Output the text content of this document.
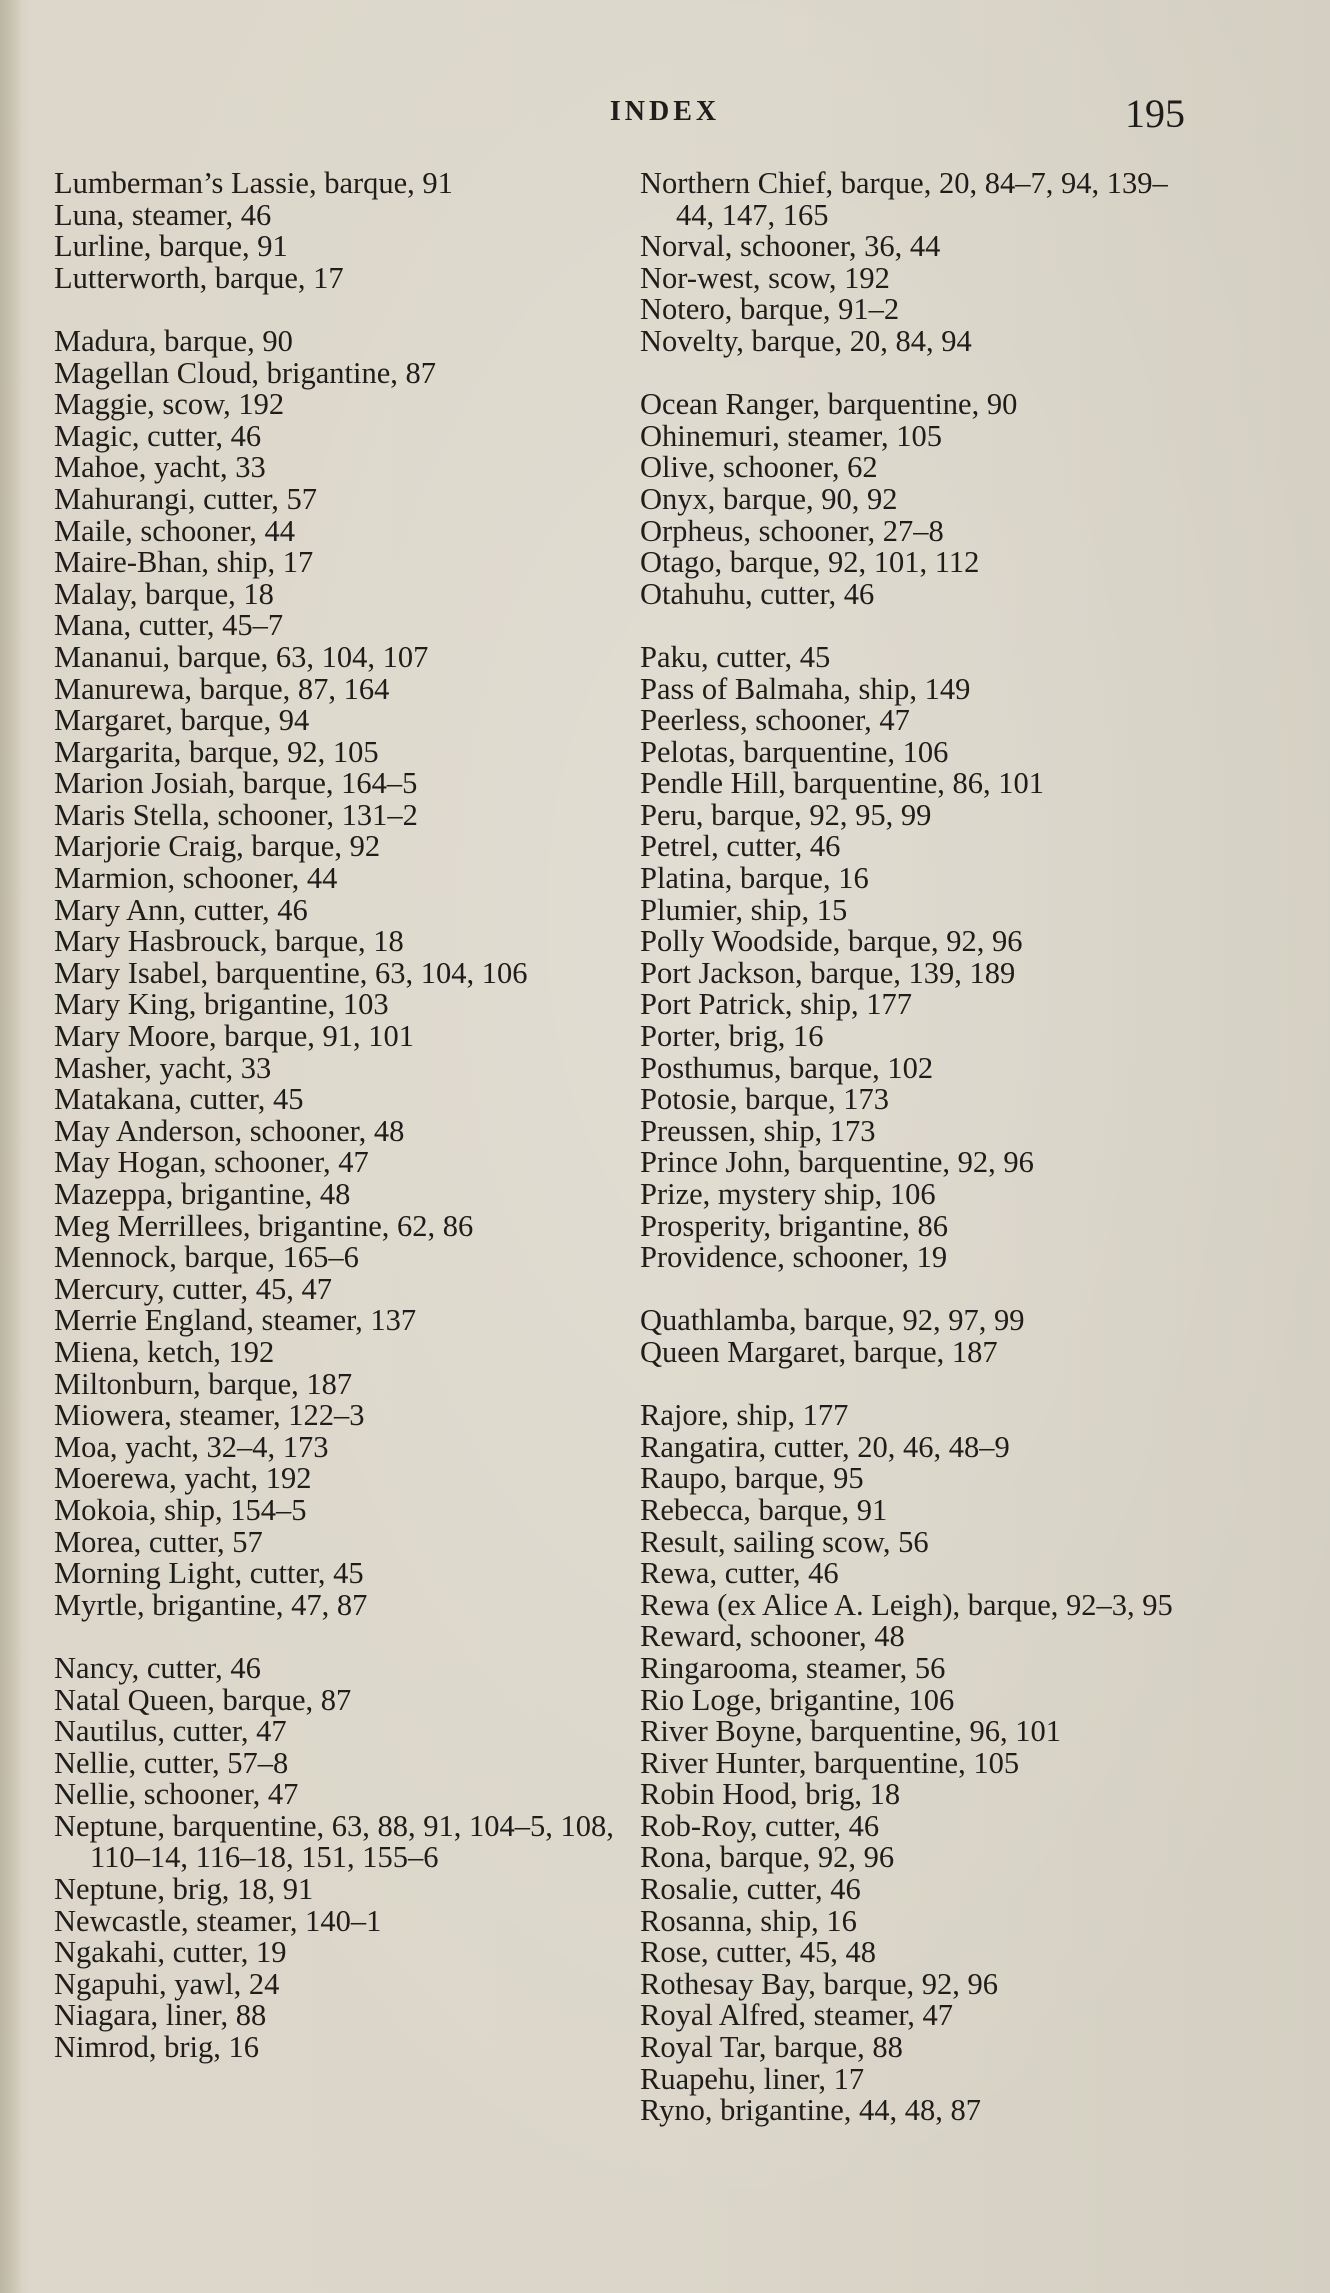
INDEX	195
Lumberman’s Lassie, barque, 91
Luna, steamer, 46
Lurline, barque, 91
Lutterworth, barque, 17
Madura, barque, 90
Magellan Cloud, brigantine, 87
Maggie, scow, 192
Magic, cutter, 46
Mahoe, yacht, 33
Mahurangi, cutter, 57
Maile, schooner, 44
Maire-Bhan, ship, 17
Malay, barque, 18
Mana, cutter, 45–7
Mananui, barque, 63, 104, 107
Manurewa, barque, 87, 164
Margaret, barque, 94
Margarita, barque, 92, 105
Marion Josiah, barque, 164–5
Maris Stella, schooner, 131–2
Marjorie Craig, barque, 92
Marmion, schooner, 44
Mary Ann, cutter, 46
Mary Hasbrouck, barque, 18
Mary Isabel, barquentine, 63, 104, 106
Mary King, brigantine, 103
Mary Moore, barque, 91, 101
Masher, yacht, 33
Matakana, cutter, 45
May Anderson, schooner, 48
May Hogan, schooner, 47
Mazeppa, brigantine, 48
Meg Merrillees, brigantine, 62, 86
Mennock, barque, 165–6
Mercury, cutter, 45, 47
Merrie England, steamer, 137
Miena, ketch, 192
Miltonburn, barque, 187
Miowera, steamer, 122–3
Moa, yacht, 32–4, 173
Moerewa, yacht, 192
Mokoia, ship, 154–5
Morea, cutter, 57
Morning Light, cutter, 45
Myrtle, brigantine, 47, 87
Nancy, cutter, 46
Natal Queen, barque, 87
Nautilus, cutter, 47
Nellie, cutter, 57–8
Nellie, schooner, 47
Neptune, barquentine, 63, 88, 91, 104–5, 108, 110–14, 116–18, 151, 155–6
Neptune, brig, 18, 91
Newcastle, steamer, 140–1
Ngakahi, cutter, 19
Ngapuhi, yawl, 24
Niagara, liner, 88
Nimrod, brig, 16
Northern Chief, barque, 20, 84–7, 94, 139–44, 147, 165
Norval, schooner, 36, 44
Nor-west, scow, 192
Notero, barque, 91–2
Novelty, barque, 20, 84, 94
Ocean Ranger, barquentine, 90
Ohinemuri, steamer, 105
Olive, schooner, 62
Onyx, barque, 90, 92
Orpheus, schooner, 27–8
Otago, barque, 92, 101, 112
Otahuhu, cutter, 46
Paku, cutter, 45
Pass of Balmaha, ship, 149
Peerless, schooner, 47
Pelotas, barquentine, 106
Pendle Hill, barquentine, 86, 101
Peru, barque, 92, 95, 99
Petrel, cutter, 46
Platina, barque, 16
Plumier, ship, 15
Polly Woodside, barque, 92, 96
Port Jackson, barque, 139, 189
Port Patrick, ship, 177
Porter, brig, 16
Posthumus, barque, 102
Potosie, barque, 173
Preussen, ship, 173
Prince John, barquentine, 92, 96
Prize, mystery ship, 106
Prosperity, brigantine, 86
Providence, schooner, 19
Quathlamba, barque, 92, 97, 99
Queen Margaret, barque, 187
Rajore, ship, 177
Rangatira, cutter, 20, 46, 48–9
Raupo, barque, 95
Rebecca, barque, 91
Result, sailing scow, 56
Rewa, cutter, 46
Rewa (ex Alice A. Leigh), barque, 92–3, 95
Reward, schooner, 48
Ringarooma, steamer, 56
Rio Loge, brigantine, 106
River Boyne, barquentine, 96, 101
River Hunter, barquentine, 105
Robin Hood, brig, 18
Rob-Roy, cutter, 46
Rona, barque, 92, 96
Rosalie, cutter, 46
Rosanna, ship, 16
Rose, cutter, 45, 48
Rothesay Bay, barque, 92, 96
Royal Alfred, steamer, 47
Royal Tar, barque, 88
Ruapehu, liner, 17
Ryno, brigantine, 44, 48, 87
